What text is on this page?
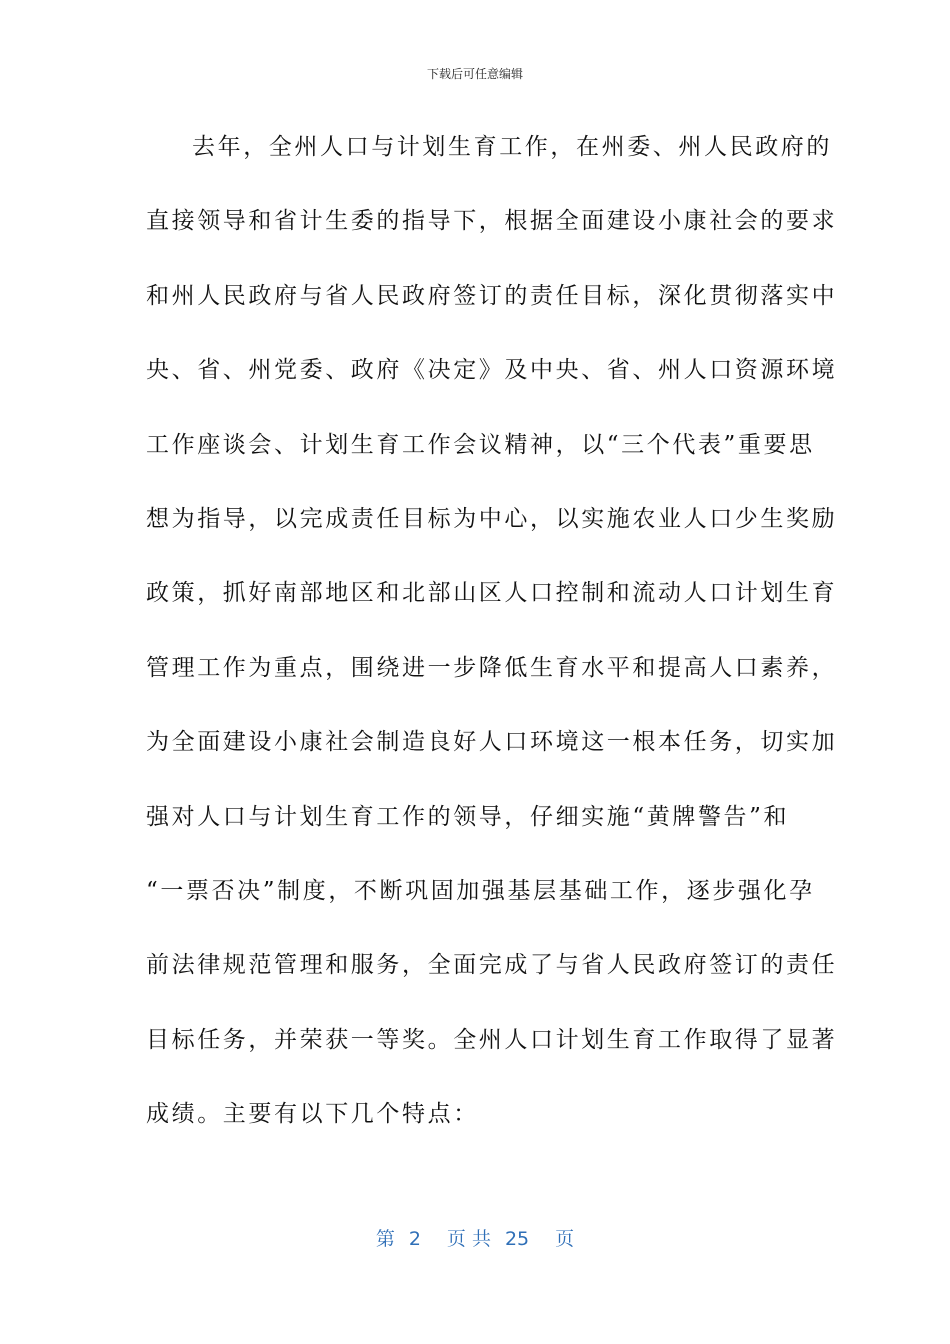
下载后可任意编辑
去年，全州人口与计划生育工作，在州委、州人民政府的
直接领导和省计生委的指导下，根据全面建设小康社会的要求
和州人民政府与省人民政府签订的责任目标，深化贯彻落实中
央、省、州党委、政府《决定》及中央、省、州人口资源环境
工作座谈会、计划生育工作会议精神，以“三个代表”重要思
想为指导，以完成责任目标为中心，以实施农业人口少生奖励
政策，抓好南部地区和北部山区人口控制和流动人口计划生育
管理工作为重点，围绕进一步降低生育水平和提高人口素养，
为全面建设小康社会制造良好人口环境这一根本任务，切实加
强对人口与计划生育工作的领导，仔细实施“黄牌警告”和
“一票否决”制度，不断巩固加强基层基础工作，逐步强化孕
前法律规范管理和服务，全面完成了与省人民政府签订的责任
目标任务，并荣获一等奖。全州人口计划生育工作取得了显著
成绩。主要有以下几个特点：
第 2 页 共 25 页
